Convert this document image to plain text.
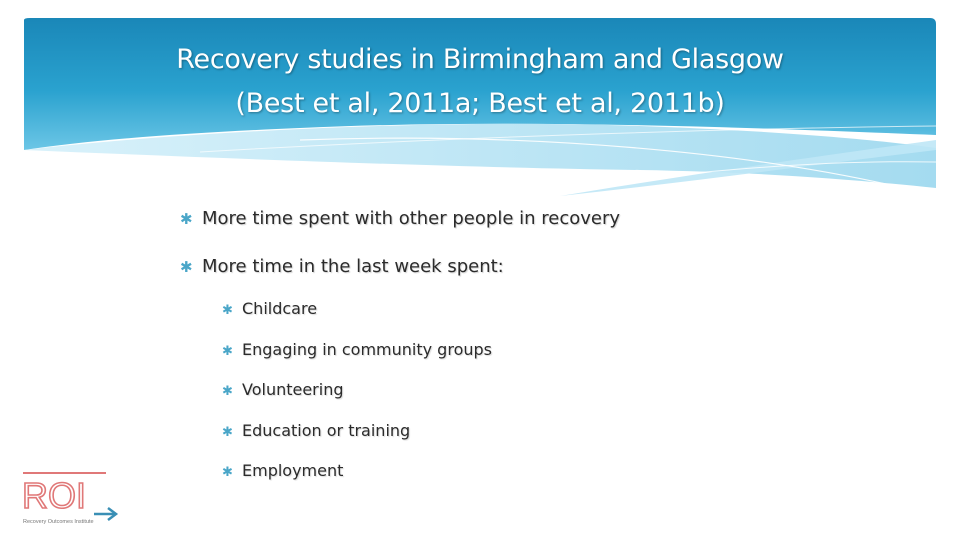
Recovery studies in Birmingham and Glasgow
(Best et al, 2011a; Best et al, 2011b)
✱ More time spent with other people in recovery
✱ More time in the last week spent:
✱ Childcare
✱ Engaging in community groups
✱ Volunteering
✱ Education or training
✱ Employment
ROI
Recovery Outcomes Institute
